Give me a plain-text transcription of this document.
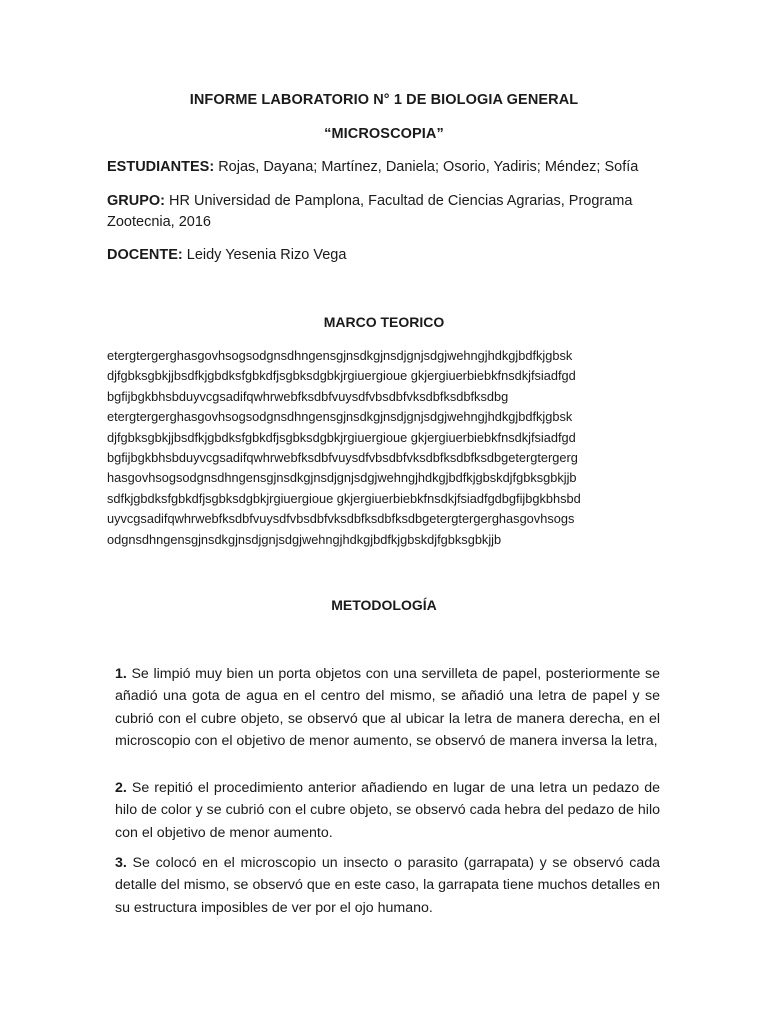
INFORME LABORATORIO N° 1 DE BIOLOGIA GENERAL
“MICROSCOPIA”
ESTUDIANTES: Rojas, Dayana; Martínez, Daniela; Osorio, Yadiris; Méndez; Sofía
GRUPO: HR Universidad de Pamplona, Facultad de Ciencias Agrarias, Programa Zootecnia, 2016
DOCENTE: Leidy Yesenia Rizo Vega
MARCO TEORICO
etergtergerghasgovhsogsodgnsdhngensgjnsdkgjnsdjgnjsdgjwehngjhdkgjbdfkjgbsk
djfgbksgbkjjbsdfkjgbdksfgbkdfjsgbksdgbkjrgiuergioue gkjergiuerbiebkfnsdkjfsiadfgd
bgfijbgkbhsbduyvcgsadifqwhrwebfksdbfvuysdfvbsdbfvksdbfksdbfksdbg
etergtergerghasgovhsogsodgnsdhngensgjnsdkgjnsdjgnjsdgjwehngjhdkgjbdfkjgbsk
djfgbksgbkjjbsdfkjgbdksfgbkdfjsgbksdgbkjrgiuergioue gkjergiuerbiebkfnsdkjfsiadfgd
bgfijbgkbhsbduyvcgsadifqwhrwebfksdbfvuysdfvbsdbfvksdbfksdbfksdbgetergtergerg
hasgovhsogsodgnsdhngensgjnsdkgjnsdjgnjsdgjwehngjhdkgjbdfkjgbskdjfgbksgbkjjb
sdfkjgbdksfgbkdfjsgbksdgbkjrgiuergioue gkjergiuerbiebkfnsdkjfsiadfgdbgfijbgkbhsbd
uyvcgsadifqwhrwebfksdbfvuysdfvbsdbfvksdbfksdbfksdbgetergtergerghasgovhsogs
odgnsdhngensgjnsdkgjnsdjgnjsdgjwehngjhdkgjbdfkjgbskdjfgbksgbkjjb
METODOLOGÍA
1. Se limpió muy bien un porta objetos con una servilleta de papel, posteriormente se añadió una gota de agua en el centro del mismo, se añadió una letra de papel y se cubrió con el cubre objeto, se observó que al ubicar la letra de manera derecha, en el microscopio con el objetivo de menor aumento, se observó de manera inversa la letra,
2. Se repitió el procedimiento anterior añadiendo en lugar de una letra un pedazo de hilo de color y se cubrió con el cubre objeto, se observó cada hebra del pedazo de hilo con el objetivo de menor aumento.
3. Se colocó en el microscopio un insecto o parasito (garrapata) y se observó cada detalle del mismo, se observó que en este caso, la garrapata tiene muchos detalles en su estructura imposibles de ver por el ojo humano.
